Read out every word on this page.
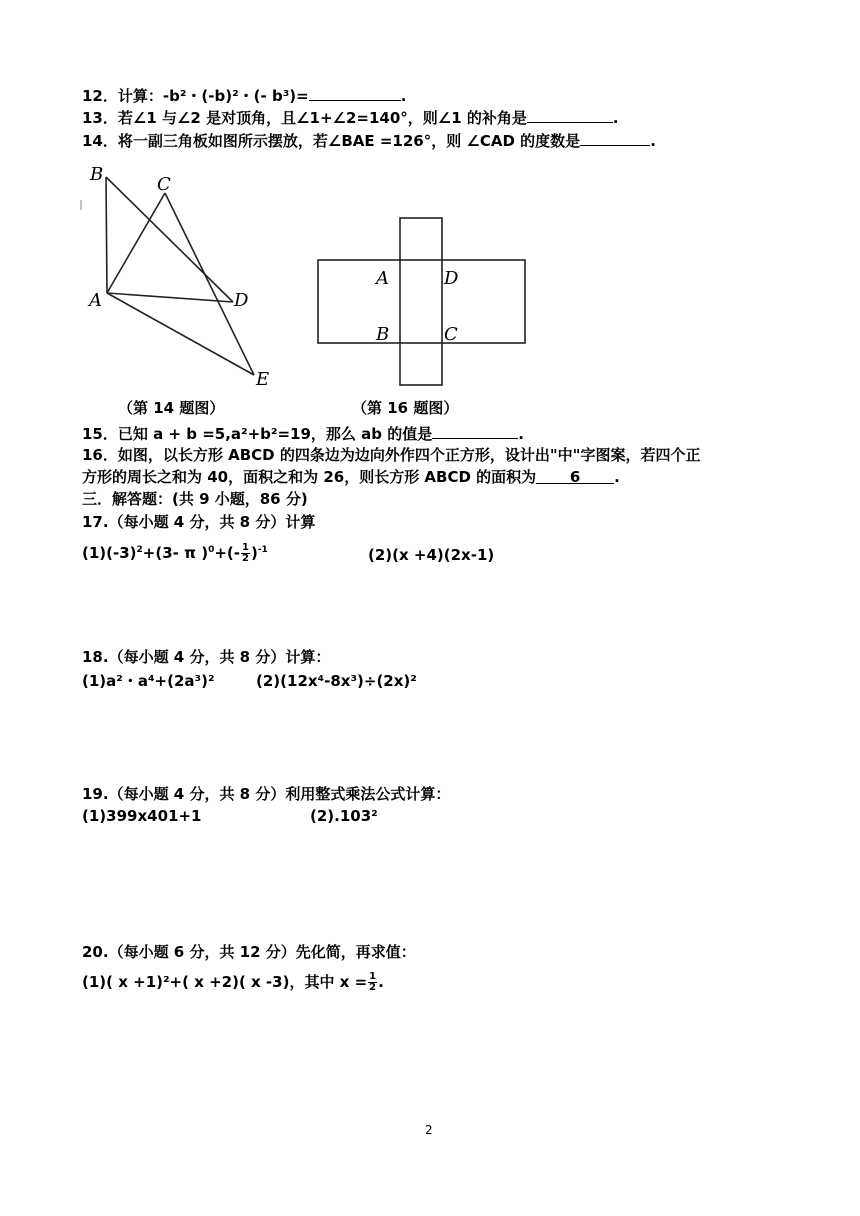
12．计算：-b²・(-b)²・(- b³)=	.
13．若∠1 与∠2 是对顶角，且∠1+∠2=140°，则∠1 的补角是	.
14．将一副三角板如图所示摆放，若∠BAE =126°，则 ∠CAD 的度数是	.
B	C
A	D
E
A	D
B	C
（第 14 题图）	（第 16 题图）
15．已知 a + b =5,a²+b²=19，那么 ab 的值是	.
16．如图，以长方形 ABCD 的四条边为边向外作四个正方形，设计出"中"字图案，若四个正
方形的周长之和为 40，面积之和为 26，则长方形 ABCD 的面积为 6 .
三．解答题：(共 9 小题，86 分)
17.（每小题 4 分，共 8 分）计算
$(1)(-3)^2+(3-$ π )$^0+(- \frac{1}{2} )^{-1}$	(2)(x +4)(2x-1)
18.（每小题 4 分，共 8 分）计算：
(1)a²・a⁴+(2a³)²	(2)(12x⁴-8x³)÷(2x)²
19.（每小题 4 分，共 8 分）利用整式乘法公式计算：
(1)399x401+1	(2).103²
20.（每小题 6 分，共 12 分）先化简，再求值：
(1)( x +1)²+( x +2)( x -3)，其中 $x = \frac{1}{2}$ .
2
